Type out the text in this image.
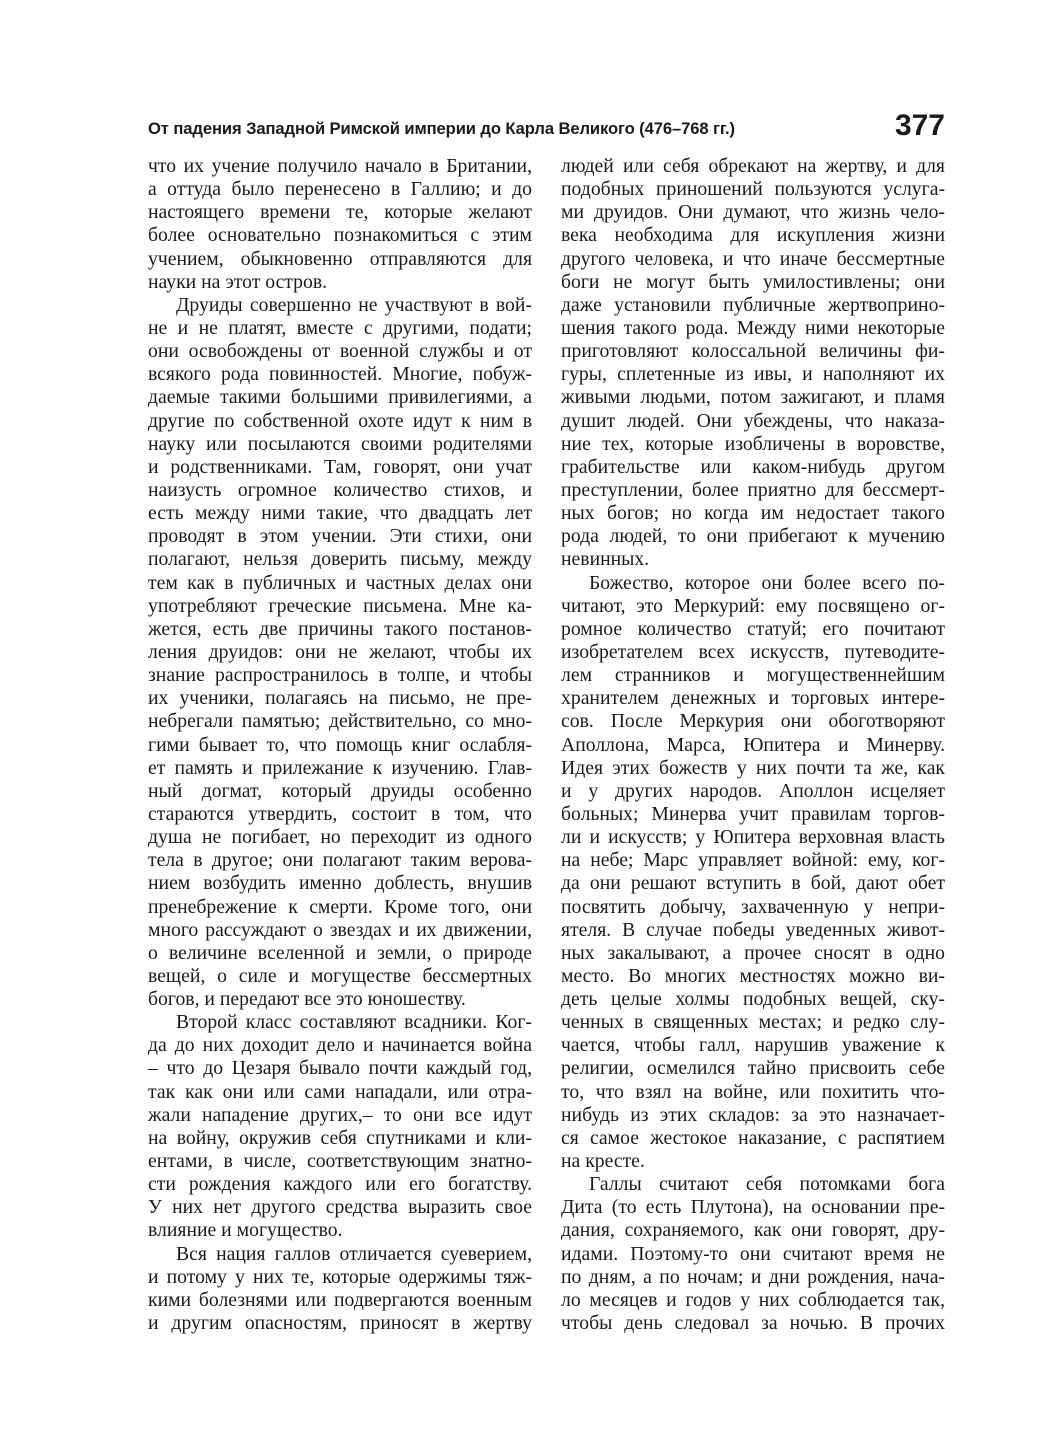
От падения Западной Римской империи до Карла Великого (476–768 гг.)	377
что их учение получило начало в Британии,
а оттуда было перенесено в Галлию; и до
настоящего времени те, которые желают
более основательно познакомиться с этим
учением, обыкновенно отправляются для
науки на этот остров.
Друиды совершенно не участвуют в вой-
не и не платят, вместе с другими, подати;
они освобождены от военной службы и от
всякого рода повинностей. Многие, побуж-
даемые такими большими привилегиями, а
другие по собственной охоте идут к ним в
науку или посылаются своими родителями
и родственниками. Там, говорят, они учат
наизусть огромное количество стихов, и
есть между ними такие, что двадцать лет
проводят в этом учении. Эти стихи, они
полагают, нельзя доверить письму, между
тем как в публичных и частных делах они
употребляют греческие письмена. Мне ка-
жется, есть две причины такого постанов-
ления друидов: они не желают, чтобы их
знание распространилось в толпе, и чтобы
их ученики, полагаясь на письмо, не пре-
небрегали памятью; действительно, со мно-
гими бывает то, что помощь книг ослабля-
ет память и прилежание к изучению. Глав-
ный догмат, который друиды особенно
стараются утвердить, состоит в том, что
душа не погибает, но переходит из одного
тела в другое; они полагают таким верова-
нием возбудить именно доблесть, внушив
пренебрежение к смерти. Кроме того, они
много рассуждают о звездах и их движении,
о величине вселенной и земли, о природе
вещей, о силе и могуществе бессмертных
богов, и передают все это юношеству.
Второй класс составляют всадники. Ког-
да до них доходит дело и начинается война
– что до Цезаря бывало почти каждый год,
так как они или сами нападали, или отра-
жали нападение других,– то они все идут
на войну, окружив себя спутниками и кли-
ентами, в числе, соответствующим знатно-
сти рождения каждого или его богатству.
У них нет другого средства выразить свое
влияние и могущество.
Вся нация галлов отличается суеверием,
и потому у них те, которые одержимы тяж-
кими болезнями или подвергаются военным
и другим опасностям, приносят в жертву
людей или себя обрекают на жертву, и для
подобных приношений пользуются услуга-
ми друидов. Они думают, что жизнь чело-
века необходима для искупления жизни
другого человека, и что иначе бессмертные
боги не могут быть умилостивлены; они
даже установили публичные жертвоприно-
шения такого рода. Между ними некоторые
приготовляют колоссальной величины фи-
гуры, сплетенные из ивы, и наполняют их
живыми людьми, потом зажигают, и пламя
душит людей. Они убеждены, что наказа-
ние тех, которые изобличены в воровстве,
грабительстве или каком-нибудь другом
преступлении, более приятно для бессмерт-
ных богов; но когда им недостает такого
рода людей, то они прибегают к мучению
невинных.
Божество, которое они более всего по-
читают, это Меркурий: ему посвящено ог-
ромное количество статуй; его почитают
изобретателем всех искусств, путеводите-
лем странников и могущественнейшим
хранителем денежных и торговых интере-
сов. После Меркурия они обоготворяют
Аполлона, Марса, Юпитера и Минерву.
Идея этих божеств у них почти та же, как
и у других народов. Аполлон исцеляет
больных; Минерва учит правилам торгов-
ли и искусств; у Юпитера верховная власть
на небе; Марс управляет войной: ему, ког-
да они решают вступить в бой, дают обет
посвятить добычу, захваченную у непри-
ятеля. В случае победы уведенных живот-
ных закалывают, а прочее сносят в одно
место. Во многих местностях можно ви-
деть целые холмы подобных вещей, ску-
ченных в священных местах; и редко слу-
чается, чтобы галл, нарушив уважение к
религии, осмелился тайно присвоить себе
то, что взял на войне, или похитить что-
нибудь из этих складов: за это назначает-
ся самое жестокое наказание, с распятием
на кресте.
Галлы считают себя потомками бога
Дита (то есть Плутона), на основании пре-
дания, сохраняемого, как они говорят, дру-
идами. Поэтому-то они считают время не
по дням, а по ночам; и дни рождения, нача-
ло месяцев и годов у них соблюдается так,
чтобы день следовал за ночью. В прочих
